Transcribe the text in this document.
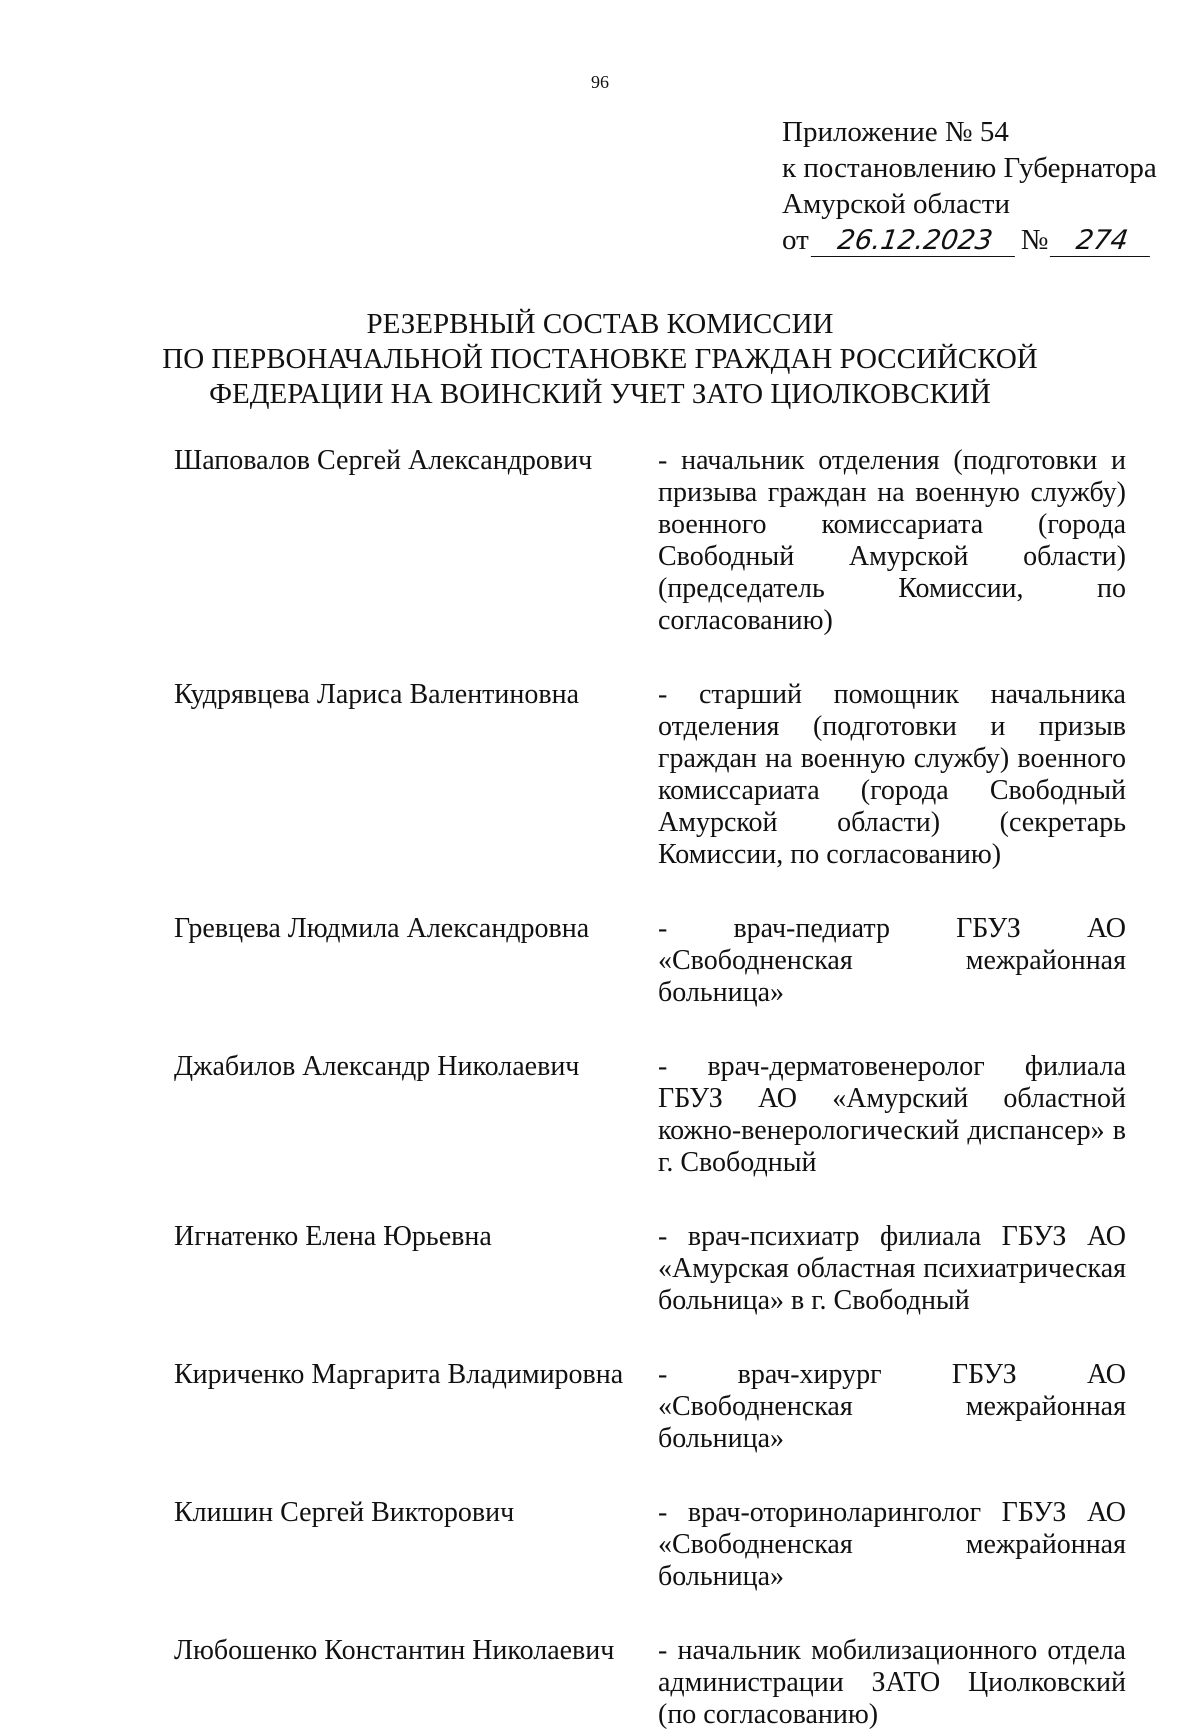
96
Приложение № 54
к постановлению Губернатора
Амурской области
от 26.12.2023 № 274
РЕЗЕРВНЫЙ СОСТАВ КОМИССИИ
ПО ПЕРВОНАЧАЛЬНОЙ ПОСТАНОВКЕ ГРАЖДАН РОССИЙСКОЙ
ФЕДЕРАЦИИ НА ВОИНСКИЙ УЧЕТ ЗАТО ЦИОЛКОВСКИЙ
Шаповалов Сергей Александрович	- начальник отделения (подготовки и призыва граждан на военную службу) военного комиссариата (города Свободный Амурской области) (председатель Комиссии, по согласованию)
Кудрявцева Лариса Валентиновна	- старший помощник начальника отделения (подготовки и призыв граждан на военную службу) военного комиссариата (города Свободный Амурской области) (секретарь Комиссии, по согласованию)
Гревцева Людмила Александровна	- врач-педиатр ГБУЗ АО «Свободненская межрайонная больница»
Джабилов Александр Николаевич	- врач-дерматовенеролог филиала ГБУЗ АО «Амурский областной кожно-венерологический диспансер» в г. Свободный
Игнатенко Елена Юрьевна	- врач-психиатр филиала ГБУЗ АО «Амурская областная психиатрическая больница» в г. Свободный
Кириченко Маргарита Владимировна	- врач-хирург ГБУЗ АО «Свободненская межрайонная больница»
Клишин Сергей Викторович	- врач-оториноларинголог ГБУЗ АО «Свободненская межрайонная больница»
Любошенко Константин Николаевич	- начальник мобилизационного отдела администрации ЗАТО Циолковский (по согласованию)
